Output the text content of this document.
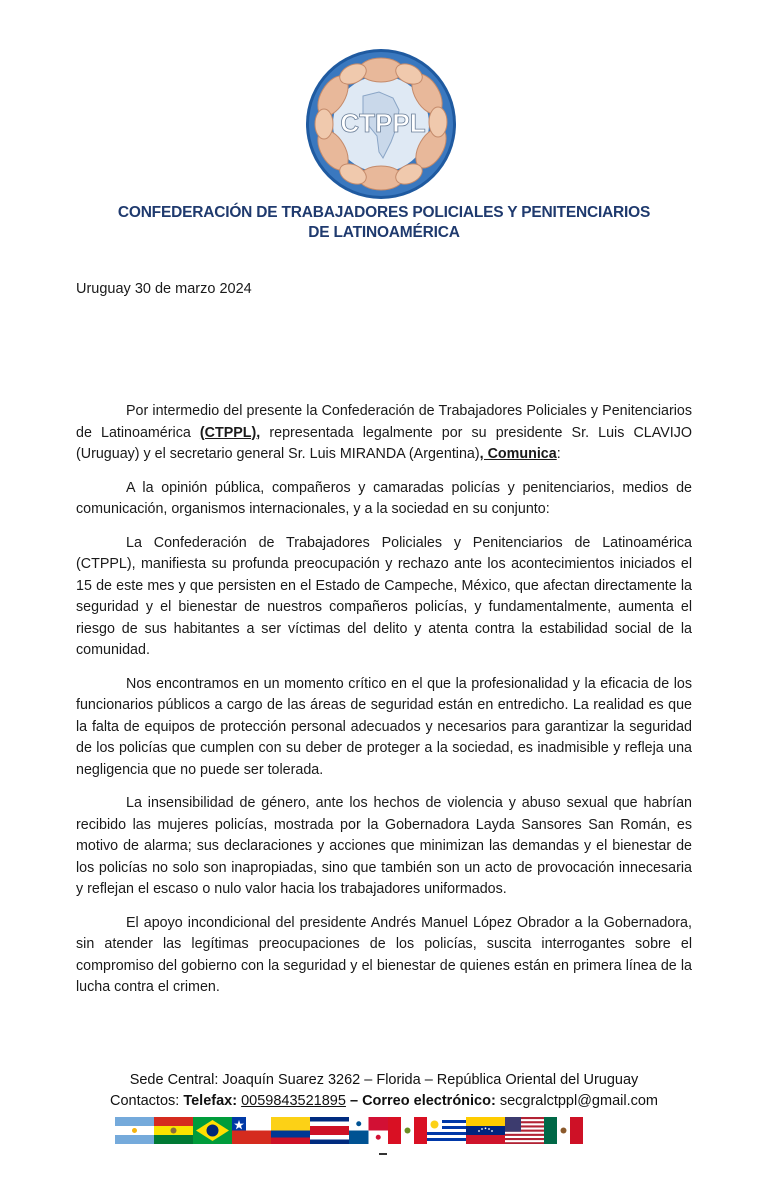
CTPPL
CONFEDERACIÓN DE TRABAJADORES POLICIALES Y PENITENCIARIOS
DE LATINOAMÉRICA
Uruguay 30 de marzo 2024

Por intermedio del presente la Confederación de Trabajadores Policiales y Penitenciarios de Latinoamérica (CTPPL), representada legalmente por su presidente Sr. Luis CLAVIJO (Uruguay) y el secretario general Sr. Luis MIRANDA (Argentina), Comunica:

A la opinión pública, compañeros y camaradas policías y penitenciarios, medios de comunicación, organismos internacionales, y a la sociedad en su conjunto:

La Confederación de Trabajadores Policiales y Penitenciarios de Latinoamérica (CTPPL), manifiesta su profunda preocupación y rechazo ante los acontecimientos iniciados el 15 de este mes y que persisten en el Estado de Campeche, México, que afectan directamente la seguridad y el bienestar de nuestros compañeros policías, y fundamentalmente, aumenta el riesgo de sus habitantes a ser víctimas del delito y atenta contra la estabilidad social de la comunidad.

Nos encontramos en un momento crítico en el que la profesionalidad y la eficacia de los funcionarios públicos a cargo de las áreas de seguridad están en entredicho. La realidad es que la falta de equipos de protección personal adecuados y necesarios para garantizar la seguridad de los policías que cumplen con su deber de proteger a la sociedad, es inadmisible y refleja una negligencia que no puede ser tolerada.

La insensibilidad de género, ante los hechos de violencia y abuso sexual que habrían recibido las mujeres policías, mostrada por la Gobernadora Layda Sansores San Román, es motivo de alarma; sus declaraciones y acciones que minimizan las demandas y el bienestar de los policías no solo son inapropiadas, sino que también son un acto de provocación innecesaria y reflejan el escaso o nulo valor hacia los trabajadores uniformados.

El apoyo incondicional del presidente Andrés Manuel López Obrador a la Gobernadora, sin atender las legítimas preocupaciones de los policías, suscita interrogantes sobre el compromiso del gobierno con la seguridad y el bienestar de quienes están en primera línea de la lucha contra el crimen.

Sede Central: Joaquín Suarez 3262 – Florida – República Oriental del Uruguay
Contactos: Telefax: 0059843521895 – Correo electrónico: secgralctppl@gmail.com
